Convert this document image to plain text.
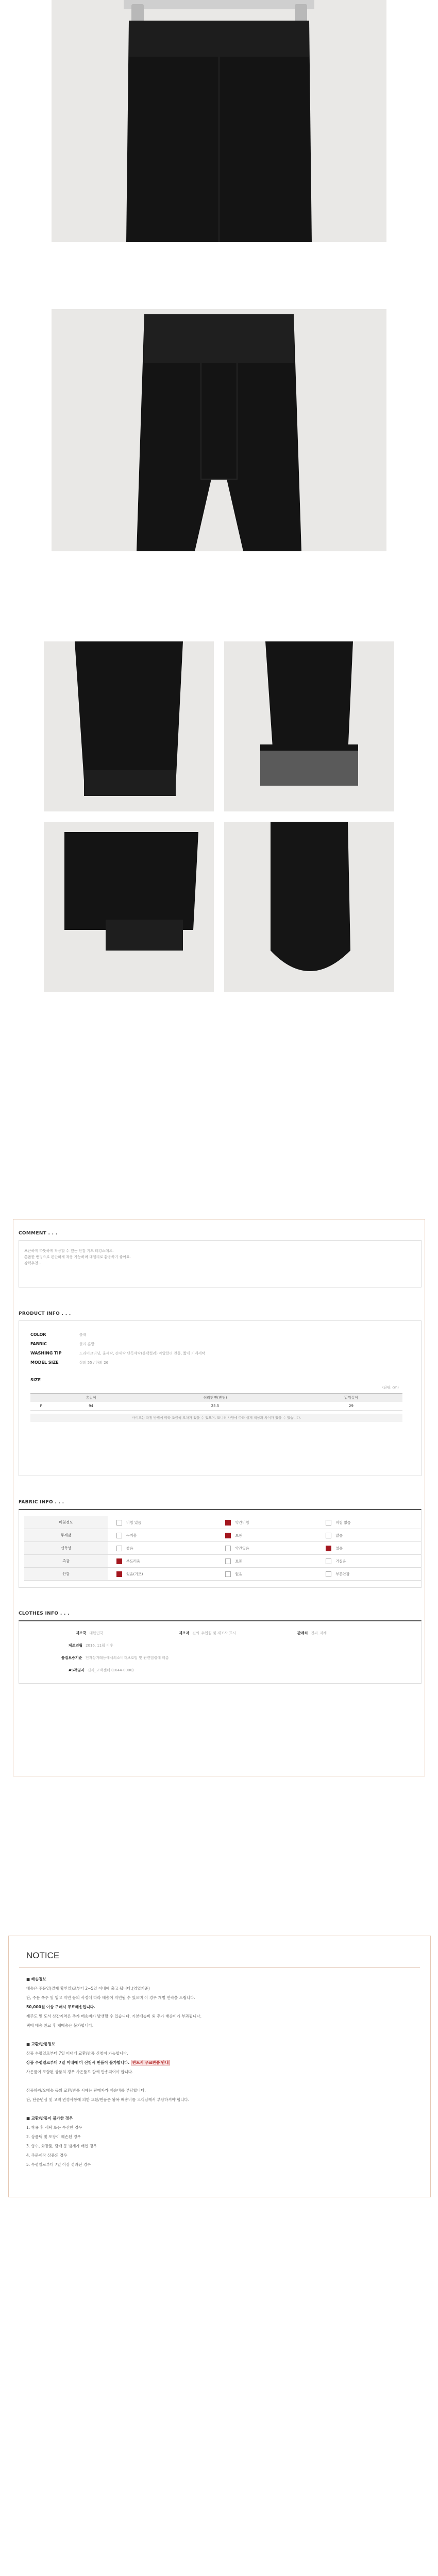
COMMENT . . .
포근하게 따뜻하게 착용할 수 있는 안감 기모 레깅스예요.
쫀쫀한 밴딩으로 편안하게 착용 가능하며 데일리로 활용하기 좋아요.
강력추천~
PRODUCT INFO . . .
COLOR	블랙
FABRIC	폴리 혼방
WASHING TIP	드라이크리닝, 울세탁, 손세탁 단독세탁(블랙컬러) 약알칼리 찬물, 짧게 기계세탁
MODEL SIZE	상의 55 / 하의 26
SIZE
(단위: cm)
	총길이	허리단면(밴딩)	밑위길이
F	94	25.5	29
사이즈는 측정 방법에 따라 조금씩 오차가 있을 수 있으며, 모니터 사양에 따라 실제 색상과 차이가 있을 수 있습니다.
FABRIC INFO . . .
비침정도	비침 있음	약간비침	비침 없음
두께감	두꺼움	보통	얇음
신축성	좋음	약간있음	없음
촉감	부드러움	보통	거칠음
안감	있음(기모)	없음	부분안감
CLOTHES INFO . . .
제조국 대한민국	제조자 진씨_수입원 및 제조사 표시	판매처 진씨_자체
제조연월 2016. 11월 이후
품질보증기준 전자상거래등에서의소비자보호법 및 관련법령에 따름
AS책임자 진씨_고객센터 (1644-0000)
NOTICE
■ 배송정보
배송은 주문일(결제 확인일)로부터 2~5일 이내에 출고 됩니다.(영업기준)
단, 주문 폭주 및 입고 지연 등의 사정에 따라 배송이 지연될 수 있으며 이 경우 개별 연락을 드립니다.
50,000원 이상 구매시 무료배송입니다.
제주도 및 도서 산간지역은 추가 배송비가 발생할 수 있습니다. 기본배송비 외 추가 배송비가 부과됩니다.
택배 배송 완료 후 재배송은 불가합니다.
■ 교환/반품정보
상품 수령일로부터 7일 이내에 교환/반품 신청이 가능합니다.
상품 수령일로부터 7일 이내에 미 신청시 반품이 불가합니다. 반드시 무료반품 안내
사은품이 포함된 상품의 경우 사은품도 함께 반송되어야 합니다.
상품하자/오배송 등의 교환/반품 시에는 판매자가 배송비를 부담합니다.
단, 단순변심 및 고객 변경사항에 의한 교환/반품은 왕복 배송비를 고객님께서 부담하셔야 합니다.
■ 교환/반품이 불가한 경우
1. 착용 후 세탁 또는 수선한 경우
2. 상품택 및 포장이 훼손된 경우
3. 향수, 화장품, 담배 등 냄새가 배인 경우
4. 주문제작 상품의 경우
5. 수령일로부터 7일 이상 경과된 경우
